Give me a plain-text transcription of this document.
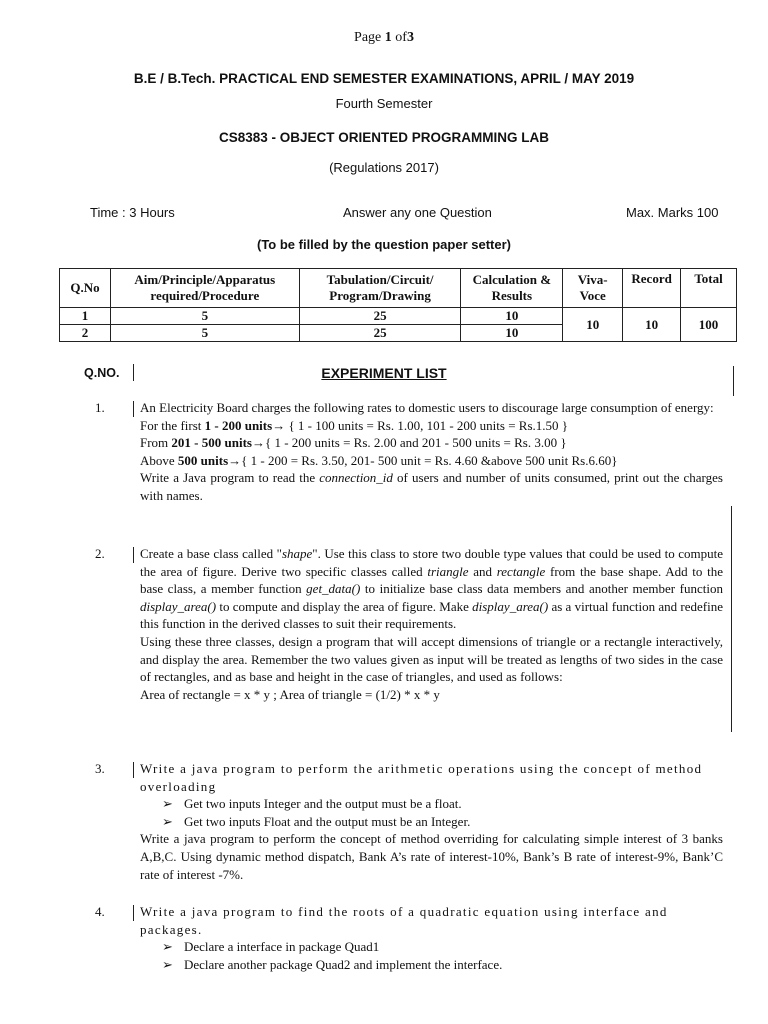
Page 1 of3
B.E / B.Tech. PRACTICAL END SEMESTER EXAMINATIONS, APRIL / MAY 2019
Fourth Semester
CS8383 - OBJECT ORIENTED PROGRAMMING LAB
(Regulations 2017)
Time : 3 Hours	Answer any one Question	Max. Marks 100
(To be filled by the question paper setter)
Q.No	Aim/Principle/Apparatus required/Procedure	Tabulation/Circuit/ Program/Drawing	Calculation & Results	Viva-Voce	Record	Total
1	5	25	10	10	10	100
2	5	25	10			
Q.NO.	EXPERIMENT LIST
1.	An Electricity Board charges the following rates to domestic users to discourage large consumption of energy:

For the first 1 - 200 units→ { 1 - 100 units = Rs. 1.00, 101 - 200 units = Rs.1.50 }

From 201 - 500 units→{ 1 - 200 units = Rs. 2.00 and 201 - 500 units = Rs. 3.00 }

Above 500 units→{ 1 - 200 = Rs. 3.50, 201- 500 unit = Rs. 4.60 &above 500 unit Rs.6.60}

Write a Java program to read the connection_id of users and number of units consumed, print out the charges with names.

2.	Create a base class called "shape". Use this class to store two double type values that could be used to compute the area of figure. Derive two specific classes called triangle and rectangle from the base shape. Add to the base class, a member function get_data() to initialize base class data members and another member function display_area() to compute and display the area of figure. Make display_area() as a virtual function and redefine this function in the derived classes to suit their requirements.

Using these three classes, design a program that will accept dimensions of triangle or a rectangle interactively, and display the area. Remember the two values given as input will be treated as lengths of two sides in the case of rectangles, and as base and height in the case of triangles, and used as follows:

Area of rectangle = x * y ; Area of triangle = (1/2) * x * y

3.	Write a java program to perform the arithmetic operations using the concept of method overloading

➢ Get two inputs Integer and the output must be a float.

➢ Get two inputs Float and the output must be an Integer.

Write a java program to perform the concept of method overriding for calculating simple interest of 3 banks A,B,C. Using dynamic method dispatch, Bank A’s rate of interest-10%, Bank’s B rate of interest-9%, Bank’C rate of interest -7%.

4.	Write a java program to find the roots of a quadratic equation using interface and packages.

➢ Declare a interface in package Quad1

➢ Declare another package Quad2 and implement the interface.
